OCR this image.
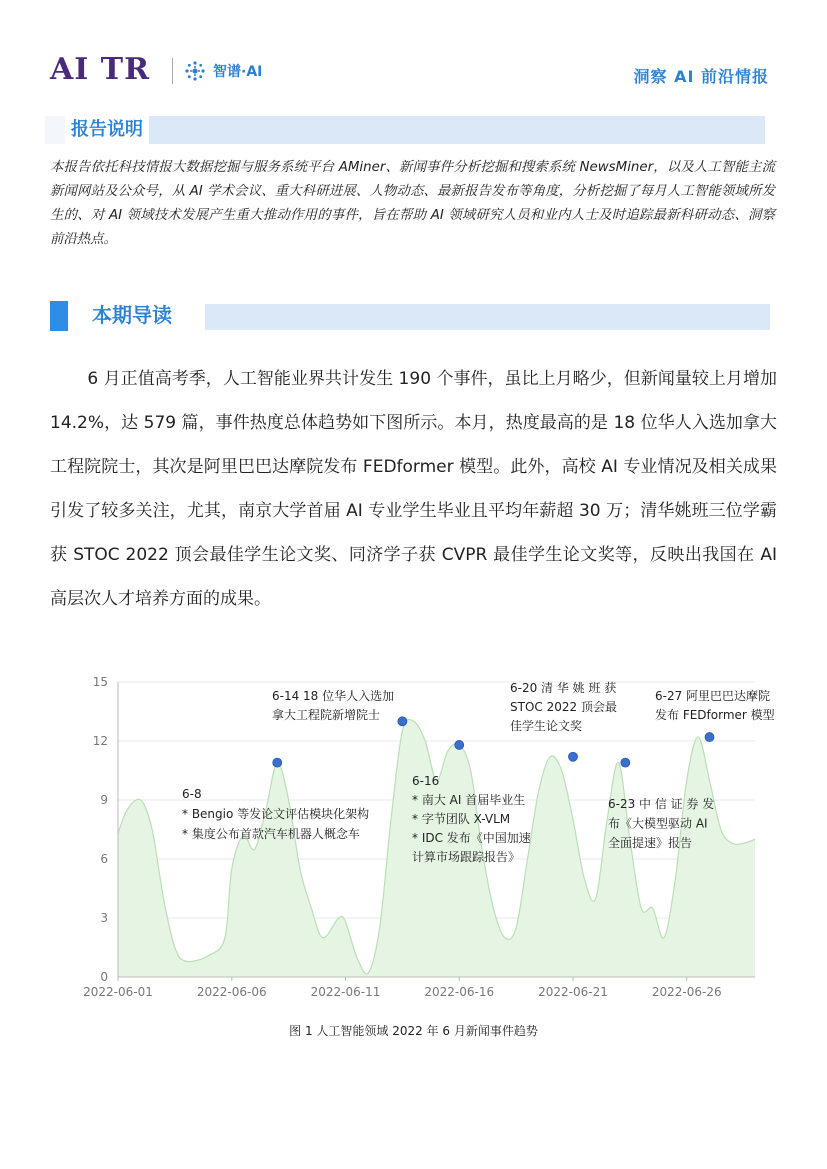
AI TR	智谱·AI	洞察 AI 前沿情报
报告说明
本报告依托科技情报大数据挖掘与服务系统平台 AMiner、新闻事件分析挖掘和搜索系统 NewsMiner，以及人工智能主流新闻网站及公众号，从 AI 学术会议、重大科研进展、人物动态、最新报告发布等角度，分析挖掘了每月人工智能领域所发生的、对 AI 领域技术发展产生重大推动作用的事件，旨在帮助 AI 领域研究人员和业内人士及时追踪最新科研动态、洞察前沿热点。
本期导读
6 月正值高考季，人工智能业界共计发生 190 个事件，虽比上月略少，但新闻量较上月增加 14.2%，达 579 篇，事件热度总体趋势如下图所示。本月，热度最高的是 18 位华人入选加拿大工程院院士，其次是阿里巴巴达摩院发布 FEDformer 模型。此外，高校 AI 专业情况及相关成果引发了较多关注，尤其，南京大学首届 AI 专业学生毕业且平均年薪超 30 万；清华姚班三位学霸获 STOC 2022 顶会最佳学生论文奖、同济学子获 CVPR 最佳学生论文奖等，反映出我国在 AI 高层次人才培养方面的成果。
0
3
6
9
12
15
2022-06-01	2022-06-06	2022-06-11	2022-06-16	2022-06-21	2022-06-26
6-8
* Bengio 等发论文评估模块化架构
* 集度公布首款汽车机器人概念车
6-14 18 位华人入选加
拿大工程院新增院士
6-16
* 南大 AI 首届毕业生
* 字节团队 X-VLM
* IDC 发布《中国加速
计算市场跟踪报告》
6-20 清 华 姚 班 获
STOC 2022 顶会最
佳学生论文奖
6-23 中 信 证 券 发
布《大模型驱动 AI
全面提速》报告
6-27 阿里巴巴达摩院
发布 FEDformer 模型
图 1 人工智能领域 2022 年 6 月新闻事件趋势
